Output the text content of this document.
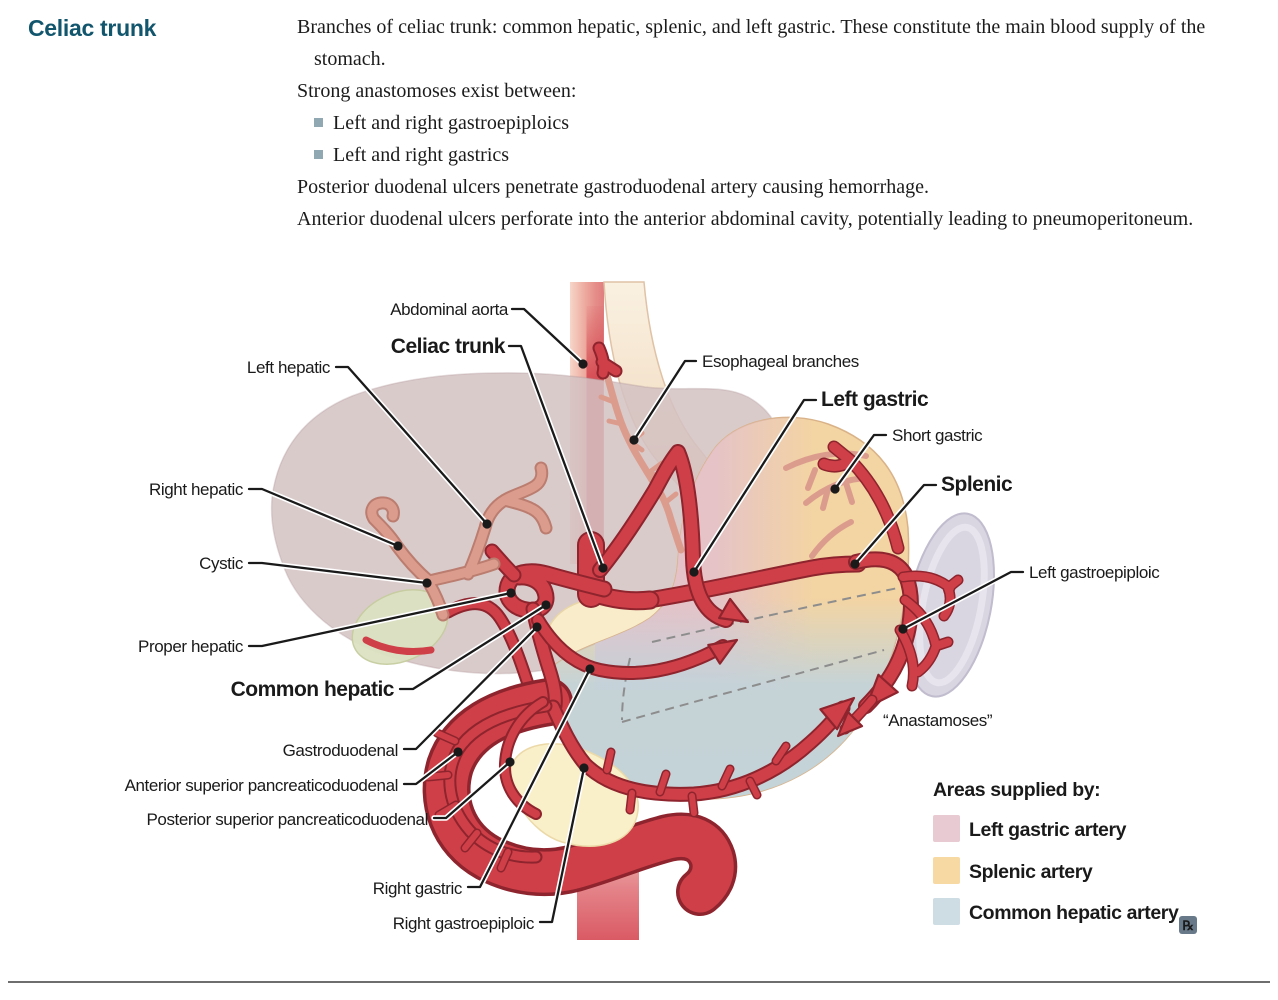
Celiac trunk	Branches of celiac trunk: common hepatic, splenic, and left gastric. These constitute the main blood supply of the stomach.

Strong anastomoses exist between:

Left and right gastroepiploics
Left and right gastrics

Posterior duodenal ulcers penetrate gastroduodenal artery causing hemorrhage.

Anterior duodenal ulcers perforate into the anterior abdominal cavity, potentially leading to pneumoperitoneum.

Abdominal aorta
Celiac trunk
Left hepatic	Esophageal branches
Left gastric
Short gastric
Splenic
Left gastroepiploic
Right hepatic
Cystic
Proper hepatic
Common hepatic
Gastroduodenal
Anterior superior pancreaticoduodenal
Posterior superior pancreaticoduodenal
Right gastric
Right gastroepiploic
“Anastamoses”
Areas supplied by:
Left gastric artery
Splenic artery
Common hepatic artery
℞
